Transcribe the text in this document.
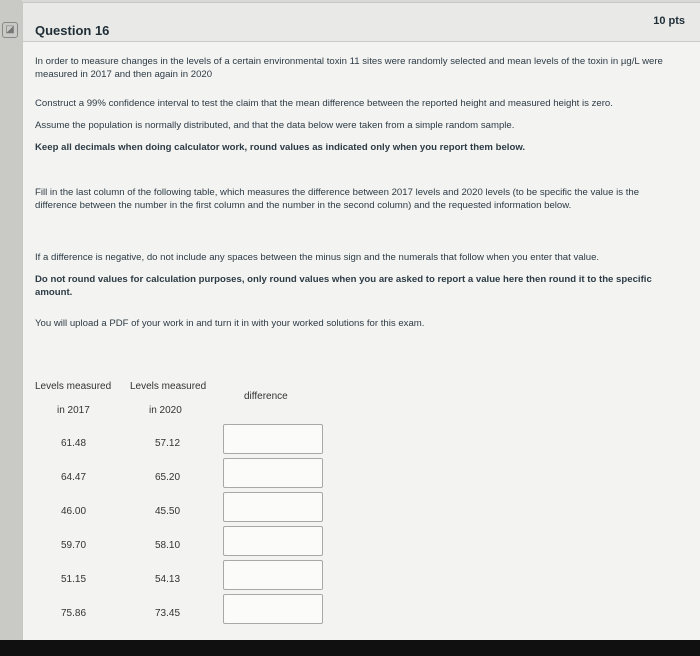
◪ Question 16
10 pts
In order to measure changes in the levels of a certain environmental toxin 11 sites were randomly selected and mean levels of the toxin in µg/L were measured in 2017 and then again in 2020
Construct a 99% confidence interval to test the claim that the mean difference between the reported height and measured height is zero.
Assume the population is normally distributed, and that the data below were taken from a simple random sample.
Keep all decimals when doing calculator work, round values as indicated only when you report them below.
Fill in the last column of the following table, which measures the difference between 2017 levels and 2020 levels (to be specific the value is the difference between the number in the first column and the number in the second column) and the requested information below.
If a difference is negative, do not include any spaces between the minus sign and the numerals that follow when you enter that value.
Do not round values for calculation purposes, only round values when you are asked to report a value here then round it to the specific amount.
You will upload a PDF of your work in and turn it in with your worked solutions for this exam.
Levels measured
in 2017
Levels measured
in 2020
difference
61.48	57.12
64.47	65.20
46.00	45.50
59.70	58.10
51.15	54.13
75.86	73.45
